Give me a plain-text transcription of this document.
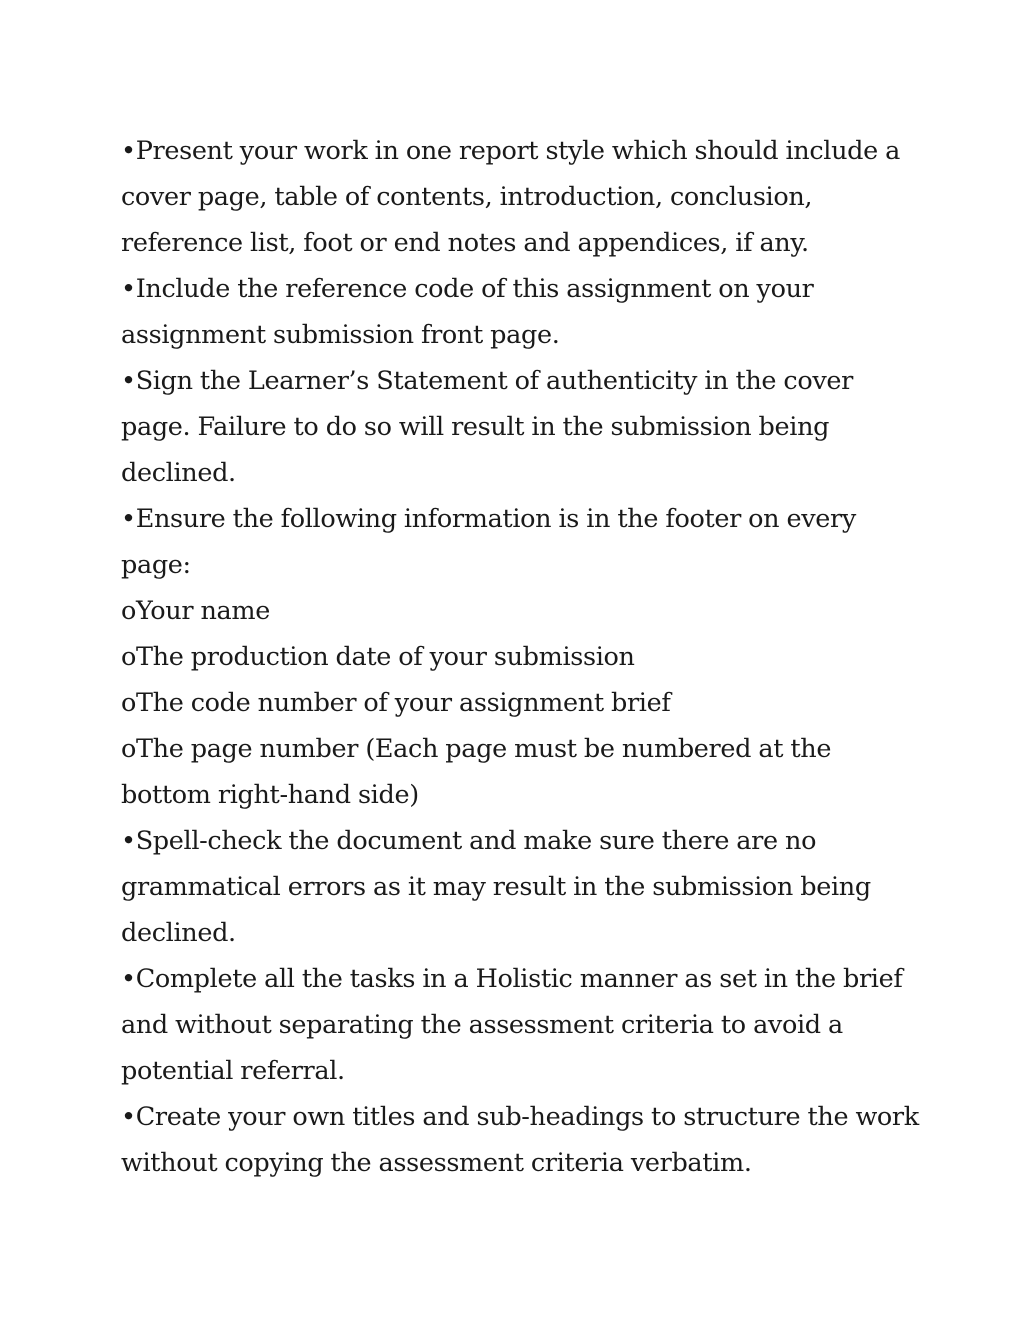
•Present your work in one report style which should include a
cover page, table of contents, introduction, conclusion,
reference list, foot or end notes and appendices, if any.
•Include the reference code of this assignment on your
assignment submission front page.
•Sign the Learner’s Statement of authenticity in the cover
page. Failure to do so will result in the submission being
declined.
•Ensure the following information is in the footer on every
page:
oYour name
oThe production date of your submission
oThe code number of your assignment brief
oThe page number (Each page must be numbered at the
bottom right-hand side)
•Spell-check the document and make sure there are no
grammatical errors as it may result in the submission being
declined.
•Complete all the tasks in a Holistic manner as set in the brief
and without separating the assessment criteria to avoid a
potential referral.
•Create your own titles and sub-headings to structure the work
without copying the assessment criteria verbatim.
